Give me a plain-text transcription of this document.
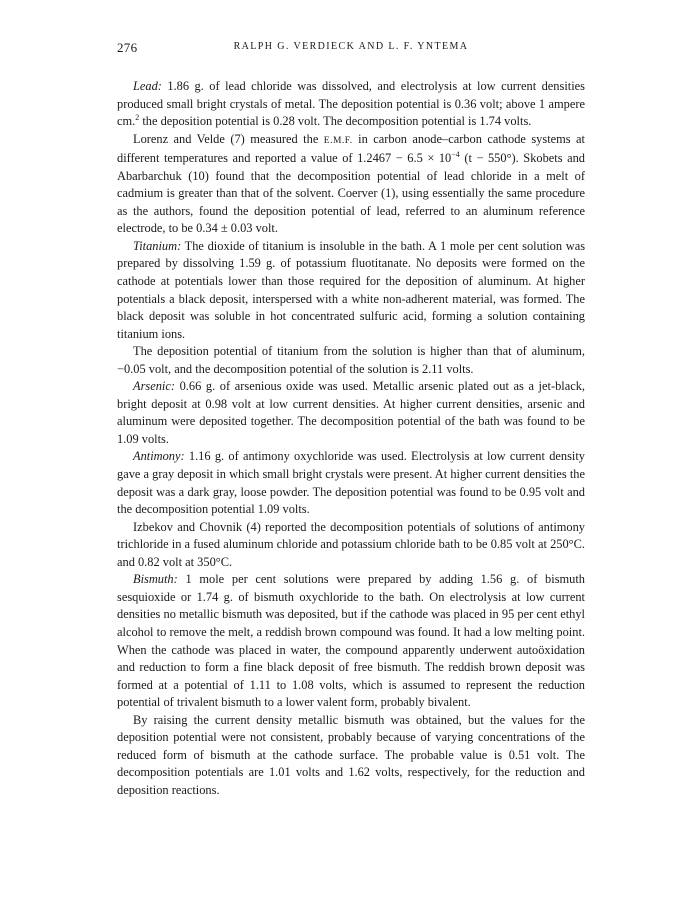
276	RALPH G. VERDIECK AND L. F. YNTEMA

Lead: 1.86 g. of lead chloride was dissolved, and electrolysis at low current densities produced small bright crystals of metal. The deposition potential is 0.36 volt; above 1 ampere cm.$^2$ the deposition potential is 0.28 volt. The decomposition potential is 1.74 volts.

Lorenz and Velde (7) measured the E.M.F. in carbon anode–carbon cathode systems at different temperatures and reported a value of $1.2467 - 6.5 \times 10^{-4}$ (t − 550°). Skobets and Abarbarchuk (10) found that the decomposition potential of lead chloride in a melt of cadmium is greater than that of the solvent. Coerver (1), using essentially the same procedure as the authors, found the deposition potential of lead, referred to an aluminum reference electrode, to be 0.34 ± 0.03 volt.

Titanium: The dioxide of titanium is insoluble in the bath. A 1 mole per cent solution was prepared by dissolving 1.59 g. of potassium fluotitanate. No deposits were formed on the cathode at potentials lower than those required for the deposition of aluminum. At higher potentials a black deposit, interspersed with a white non-adherent material, was formed. The black deposit was soluble in hot concentrated sulfuric acid, forming a solution containing titanium ions.

The deposition potential of titanium from the solution is higher than that of aluminum, −0.05 volt, and the decomposition potential of the solution is 2.11 volts.

Arsenic: 0.66 g. of arsenious oxide was used. Metallic arsenic plated out as a jet-black, bright deposit at 0.98 volt at low current densities. At higher current densities, arsenic and aluminum were deposited together. The decomposition potential of the bath was found to be 1.09 volts.

Antimony: 1.16 g. of antimony oxychloride was used. Electrolysis at low current density gave a gray deposit in which small bright crystals were present. At higher current densities the deposit was a dark gray, loose powder. The deposition potential was found to be 0.95 volt and the decomposition potential 1.09 volts.

Izbekov and Chovnik (4) reported the decomposition potentials of solutions of antimony trichloride in a fused aluminum chloride and potassium chloride bath to be 0.85 volt at 250°C. and 0.82 volt at 350°C.

Bismuth: 1 mole per cent solutions were prepared by adding 1.56 g. of bismuth sesquioxide or 1.74 g. of bismuth oxychloride to the bath. On electrolysis at low current densities no metallic bismuth was deposited, but if the cathode was placed in 95 per cent ethyl alcohol to remove the melt, a reddish brown compound was found. It had a low melting point. When the cathode was placed in water, the compound apparently underwent autoöxidation and reduction to form a fine black deposit of free bismuth. The reddish brown deposit was formed at a potential of 1.11 to 1.08 volts, which is assumed to represent the reduction potential of trivalent bismuth to a lower valent form, probably bivalent.

By raising the current density metallic bismuth was obtained, but the values for the deposition potential were not consistent, probably because of varying concentrations of the reduced form of bismuth at the cathode surface. The probable value is 0.51 volt. The decomposition potentials are 1.01 volts and 1.62 volts, respectively, for the reduction and deposition reactions.
